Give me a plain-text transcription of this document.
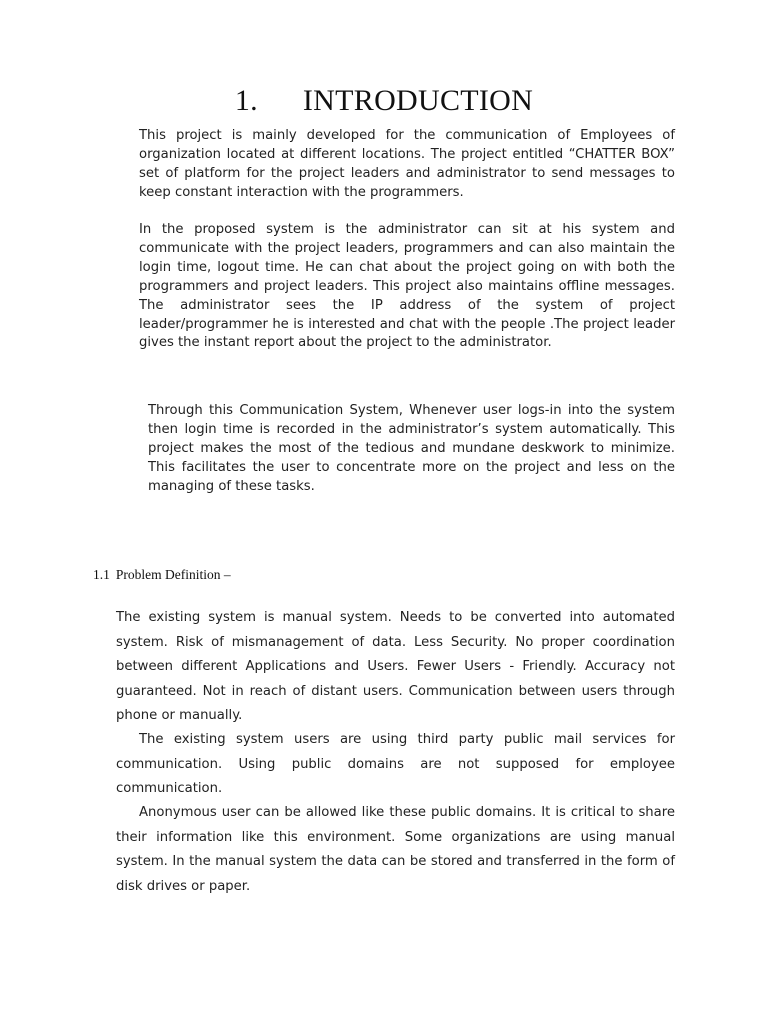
1. INTRODUCTION

This project is mainly developed for the communication of Employees of organization located at different locations. The project entitled “CHATTER BOX” set of platform for the project leaders and administrator to send messages to keep constant interaction with the programmers.

In the proposed system is the administrator can sit at his system and communicate with the project leaders, programmers and can also maintain the login time, logout time. He can chat about the project going on with both the programmers and project leaders. This project also maintains offline messages. The administrator sees the IP address of the system of project leader/programmer he is interested and chat with the people .The project leader gives the instant report about the project to the administrator.

Through this Communication System, Whenever user logs-in into the system then login time is recorded in the administrator’s system automatically. This project makes the most of the tedious and mundane deskwork to minimize. This facilitates the user to concentrate more on the project and less on the managing of these tasks.

1.1 Problem Definition –

The existing system is manual system. Needs to be converted into automated system. Risk of mismanagement of data. Less Security. No proper coordination between different Applications and Users. Fewer Users - Friendly. Accuracy not guaranteed. Not in reach of distant users. Communication between users through phone or manually.

The existing system users are using third party public mail services for communication. Using public domains are not supposed for employee communication.

Anonymous user can be allowed like these public domains. It is critical to share their information like this environment. Some organizations are using manual system. In the manual system the data can be stored and transferred in the form of disk drives or paper.
